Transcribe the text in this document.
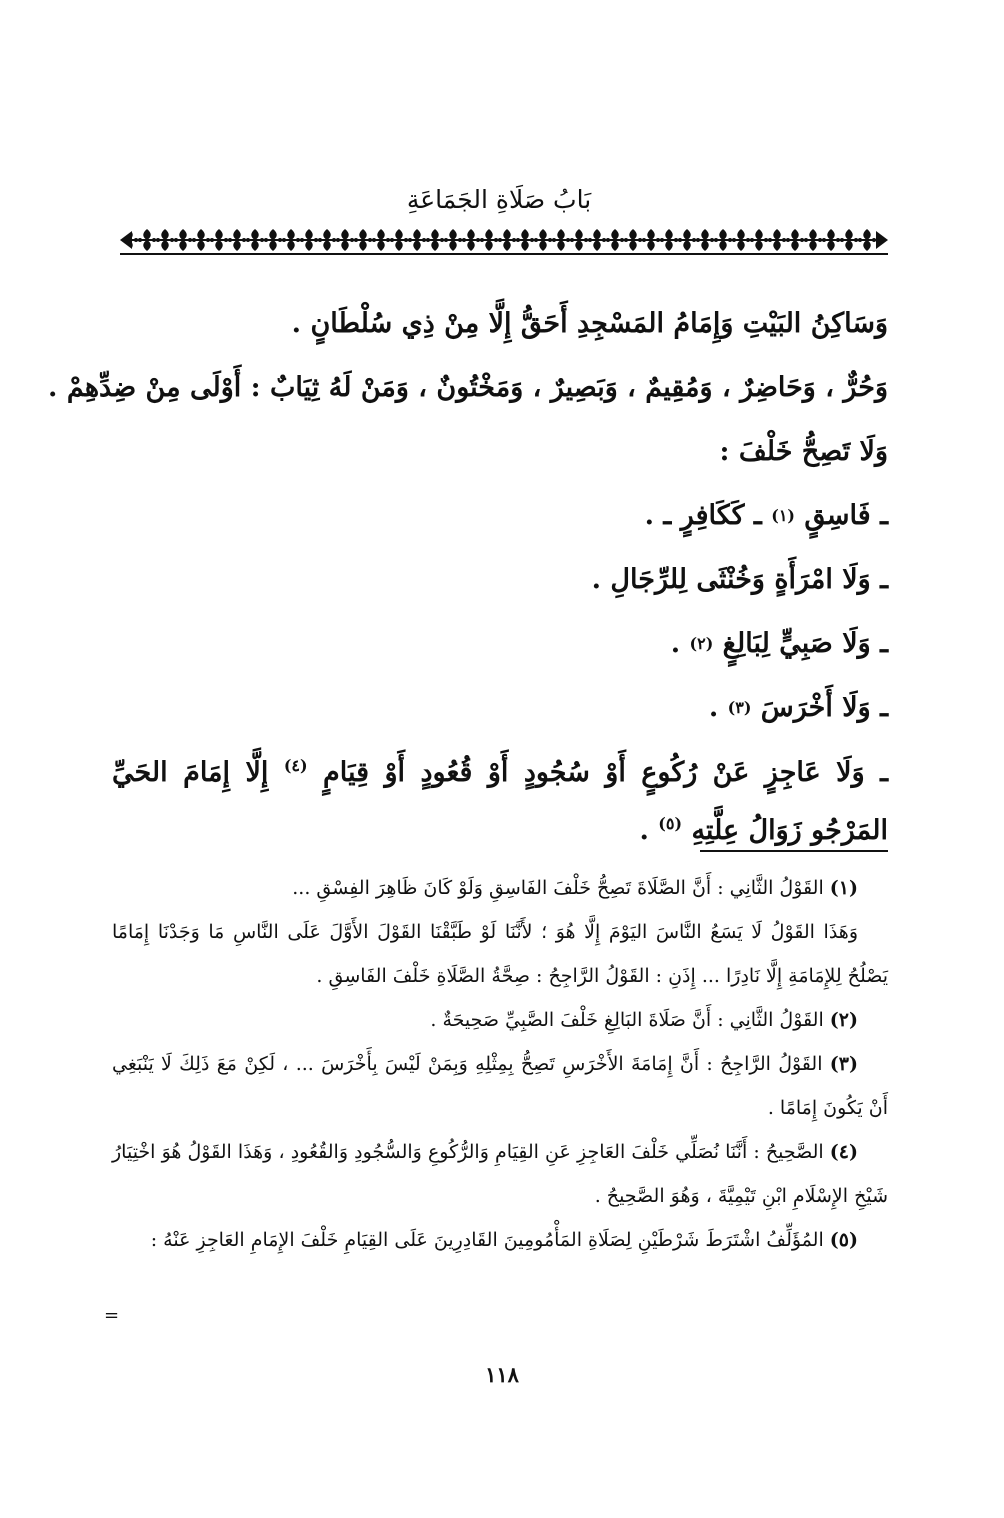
بَابُ صَلَاةِ الجَمَاعَةِ
وَسَاكِنُ البَيْتِ وَإِمَامُ المَسْجِدِ أَحَقُّ إِلَّا مِنْ ذِي سُلْطَانٍ .
وَحُرٌّ ، وَحَاضِرٌ ، وَمُقِيمٌ ، وَبَصِيرٌ ، وَمَخْتُونٌ ، وَمَنْ لَهُ ثِيَابٌ : أَوْلَى مِنْ ضِدِّهِمْ .
وَلَا تَصِحُّ خَلْفَ :
ـ فَاسِقٍ

(١)

ـ كَكَافِرٍ ـ .
ـ وَلَا امْرَأَةٍ وَخُنْثَى لِلرِّجَالِ .
ـ وَلَا صَبِيٍّ لِبَالِغٍ

(٢)

.
ـ وَلَا أَخْرَسَ

(٣)

.
ـ وَلَا عَاجِزٍ عَنْ رُكُوعٍ أَوْ سُجُودٍ أَوْ قُعُودٍ أَوْ قِيَامٍ $^{(٤)}$ إِلَّا إِمَامَ الحَيِّ المَرْجُو زَوَالُ عِلَّتِهِ $^{(٥)}$ .
(١) القَوْلُ الثَّانِي : أَنَّ الصَّلَاةَ تَصِحُّ خَلْفَ الفَاسِقِ وَلَوْ كَانَ ظَاهِرَ الفِسْقِ ...
وَهَذَا القَوْلُ لَا يَسَعُ النَّاسَ اليَوْمَ إِلَّا هُوَ ؛ لأَنَّنَا لَوْ طَبَّقْنَا القَوْلَ الأَوَّلَ عَلَى النَّاسِ مَا وَجَدْنَا إِمَامًا يَصْلُحُ لِلإِمَامَةِ إِلَّا نَادِرًا ... إِذَنِ : القَوْلُ الرَّاجِحُ : صِحَّةُ الصَّلَاةِ خَلْفَ الفَاسِقِ .
(٢) القَوْلُ الثَّانِي : أَنَّ صَلَاةَ البَالِغِ خَلْفَ الصَّبِيِّ صَحِيحَةٌ .
(٣) القَوْلُ الرَّاجِحُ : أَنَّ إِمَامَةَ الأَخْرَسِ تَصِحُّ بِمِثْلِهِ وَبِمَنْ لَيْسَ بِأَخْرَسَ ... ، لَكِنْ مَعَ ذَلِكَ لَا يَنْبَغِي أَنْ يَكُونَ إِمَامًا .
(٤) الصَّحِيحُ : أَنَّنَا نُصَلِّي خَلْفَ العَاجِزِ عَنِ القِيَامِ وَالرُّكُوعِ وَالسُّجُودِ وَالقُعُودِ ، وَهَذَا القَوْلُ هُوَ اخْتِيَارُ شَيْخِ الإِسْلَامِ ابْنِ تَيْمِيَّةَ ، وَهُوَ الصَّحِيحُ .
(٥) المُؤَلِّفُ اشْتَرَطَ شَرْطَيْنِ لِصَلَاةِ المَأْمُومِينَ القَادِرِينَ عَلَى القِيَامِ خَلْفَ الإِمَامِ العَاجِزِ عَنْهُ :
=
١١٨
